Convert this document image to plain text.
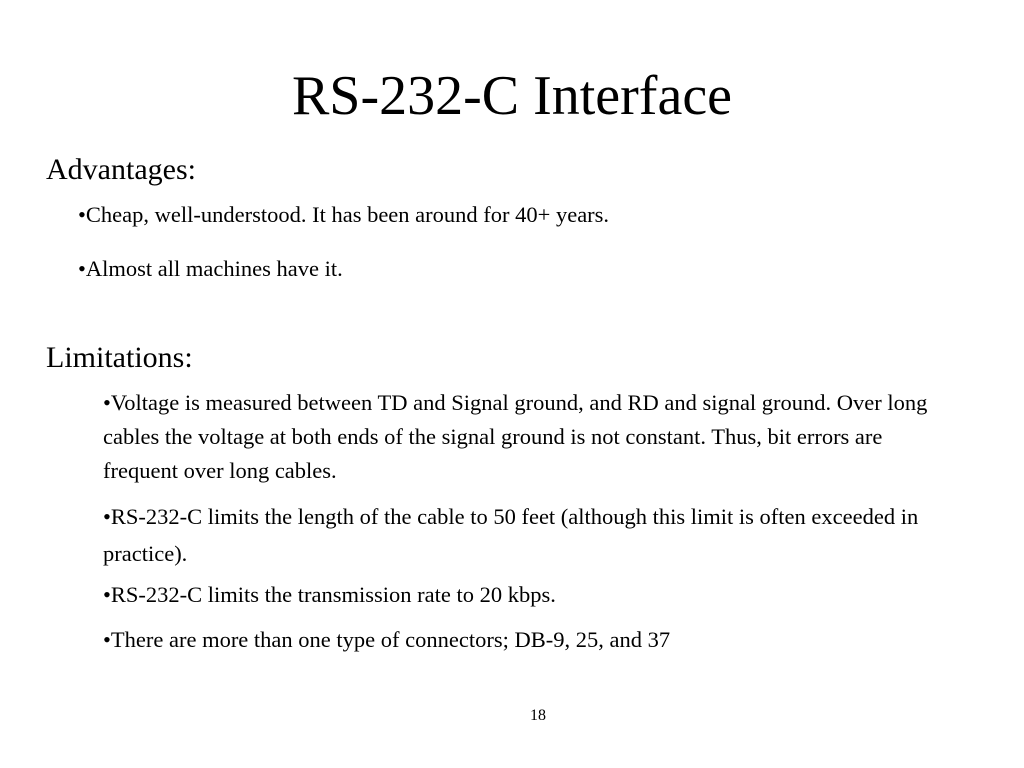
RS-232-C Interface
Advantages:
•Cheap, well-understood. It has been around for 40+ years.
•Almost all machines have it.
Limitations:
•Voltage is measured between TD and Signal ground, and RD and signal ground. Over long cables the voltage at both ends of the signal ground is not constant. Thus, bit errors are frequent over long cables.
•RS-232-C limits the length of the cable to 50 feet (although this limit is often exceeded in practice).
•RS-232-C limits the transmission rate to 20 kbps.
•There are more than one type of connectors; DB-9, 25, and 37
18
